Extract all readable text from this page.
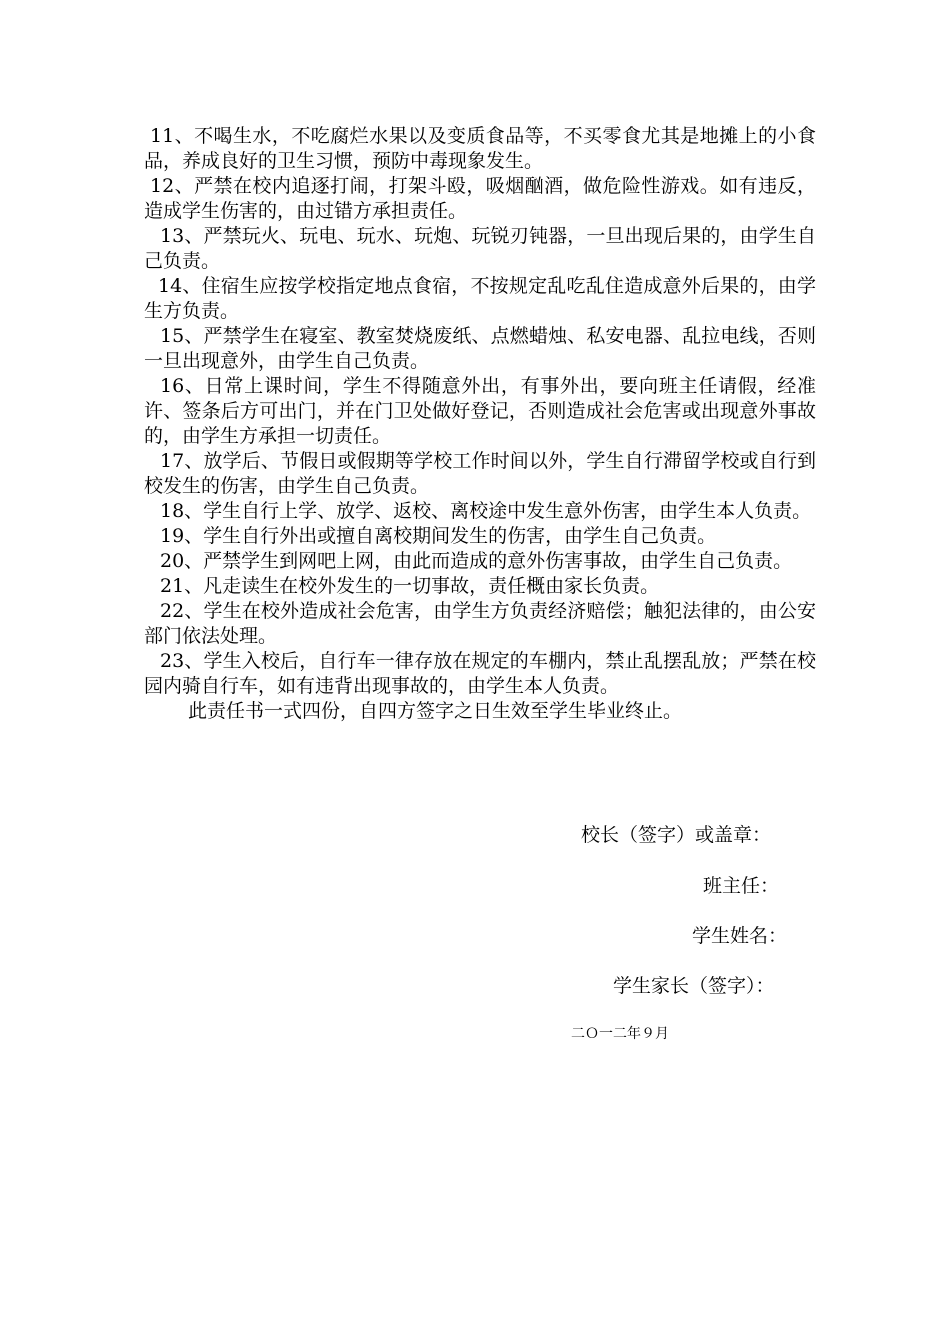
11、不喝生水，不吃腐烂水果以及变质食品等，不买零食尤其是地摊上的小食品，养成良好的卫生习惯，预防中毒现象发生。

12、严禁在校内追逐打闹，打架斗殴，吸烟酗酒，做危险性游戏。如有违反，造成学生伤害的，由过错方承担责任。

13、严禁玩火、玩电、玩水、玩炮、玩锐刃钝器，一旦出现后果的，由学生自己负责。

14、住宿生应按学校指定地点食宿，不按规定乱吃乱住造成意外后果的，由学生方负责。

15、严禁学生在寝室、教室焚烧废纸、点燃蜡烛、私安电器、乱拉电线，否则一旦出现意外，由学生自己负责。

16、日常上课时间，学生不得随意外出，有事外出，要向班主任请假，经准许、签条后方可出门，并在门卫处做好登记，否则造成社会危害或出现意外事故的，由学生方承担一切责任。

17、放学后、节假日或假期等学校工作时间以外，学生自行滞留学校或自行到校发生的伤害，由学生自己负责。

18、学生自行上学、放学、返校、离校途中发生意外伤害，由学生本人负责。

19、学生自行外出或擅自离校期间发生的伤害，由学生自己负责。

20、严禁学生到网吧上网，由此而造成的意外伤害事故，由学生自己负责。

21、凡走读生在校外发生的一切事故，责任概由家长负责。

22、学生在校外造成社会危害，由学生方负责经济赔偿；触犯法律的，由公安部门依法处理。

23、学生入校后，自行车一律存放在规定的车棚内，禁止乱摆乱放；严禁在校园内骑自行车，如有违背出现事故的，由学生本人负责。

此责任书一式四份，自四方签字之日生效至学生毕业终止。

校长（签字）或盖章：
班主任：
学生姓名：
学生家长（签字）：
二Ｏ一二年９月
